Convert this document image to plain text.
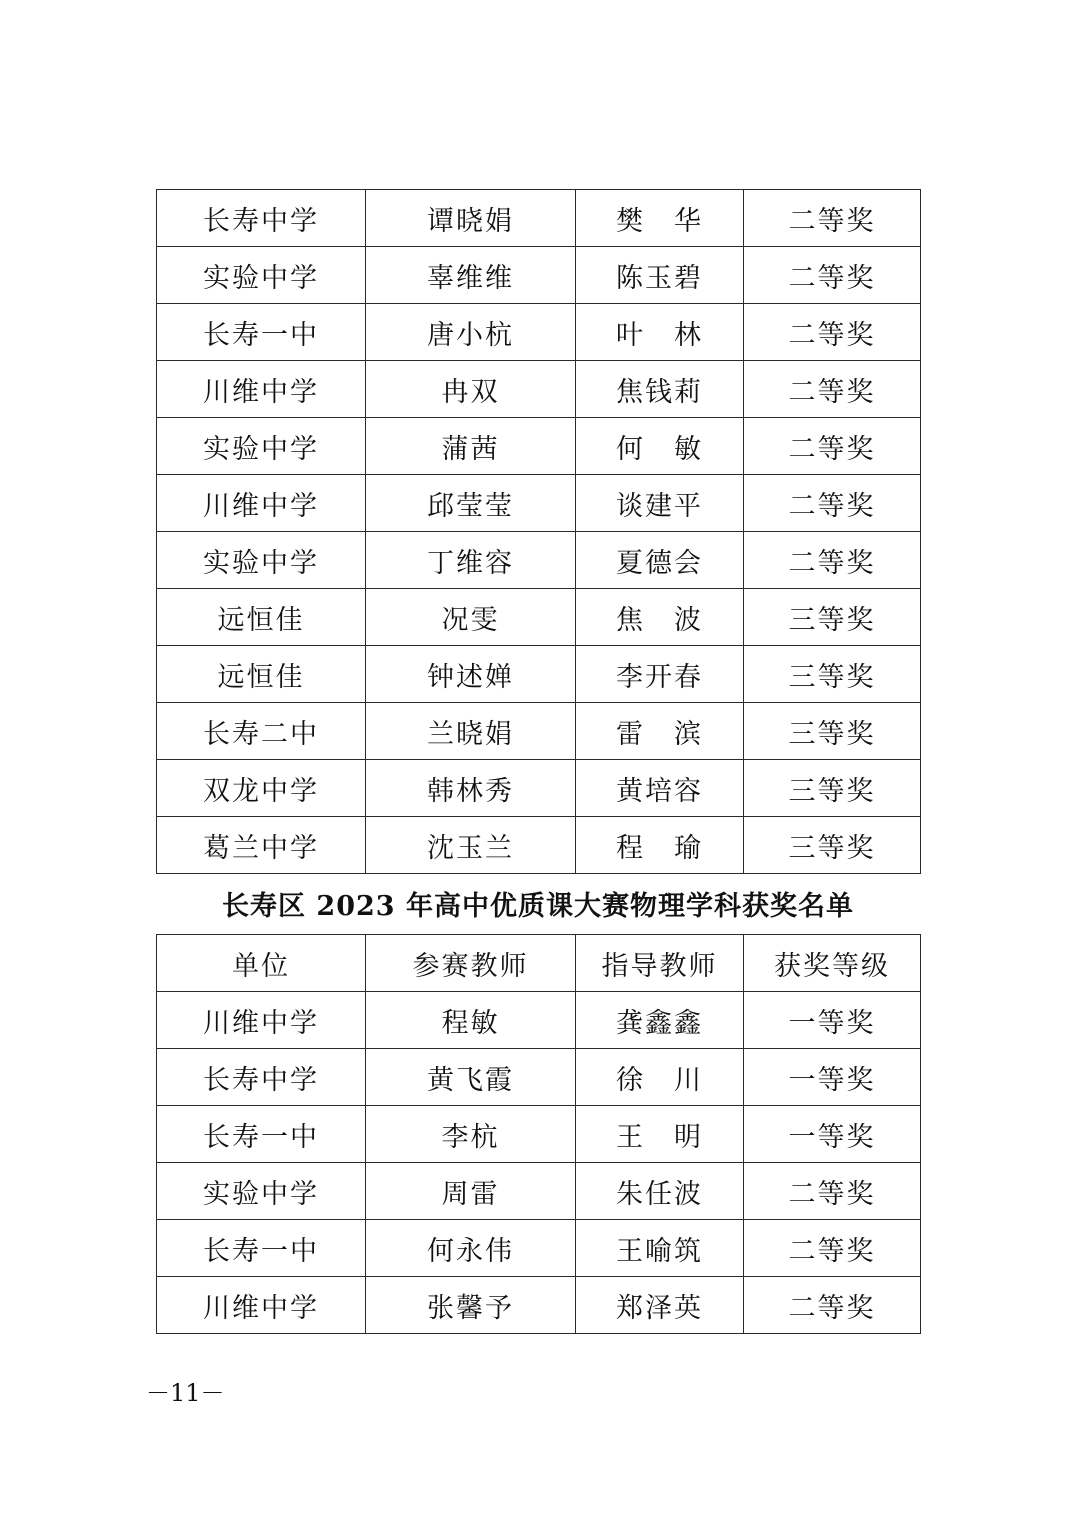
长寿中学	谭晓娟	樊　华	二等奖
实验中学	辜维维	陈玉碧	二等奖
长寿一中	唐小杭	叶　林	二等奖
川维中学	冉双	焦钱莉	二等奖
实验中学	蒲茜	何　敏	二等奖
川维中学	邱莹莹	谈建平	二等奖
实验中学	丁维容	夏德会	二等奖
远恒佳	况雯	焦　波	三等奖
远恒佳	钟述婵	李开春	三等奖
长寿二中	兰晓娟	雷　滨	三等奖
双龙中学	韩林秀	黄培容	三等奖
葛兰中学	沈玉兰	程　瑜	三等奖
长寿区 2023 年高中优质课大赛物理学科获奖名单
单位	参赛教师	指导教师	获奖等级
川维中学	程敏	龚鑫鑫	一等奖
长寿中学	黄飞霞	徐　川	一等奖
长寿一中	李杭	王　明	一等奖
实验中学	周雷	朱任波	二等奖
长寿一中	何永伟	王喻筑	二等奖
川维中学	张馨予	郑泽英	二等奖
－11－
